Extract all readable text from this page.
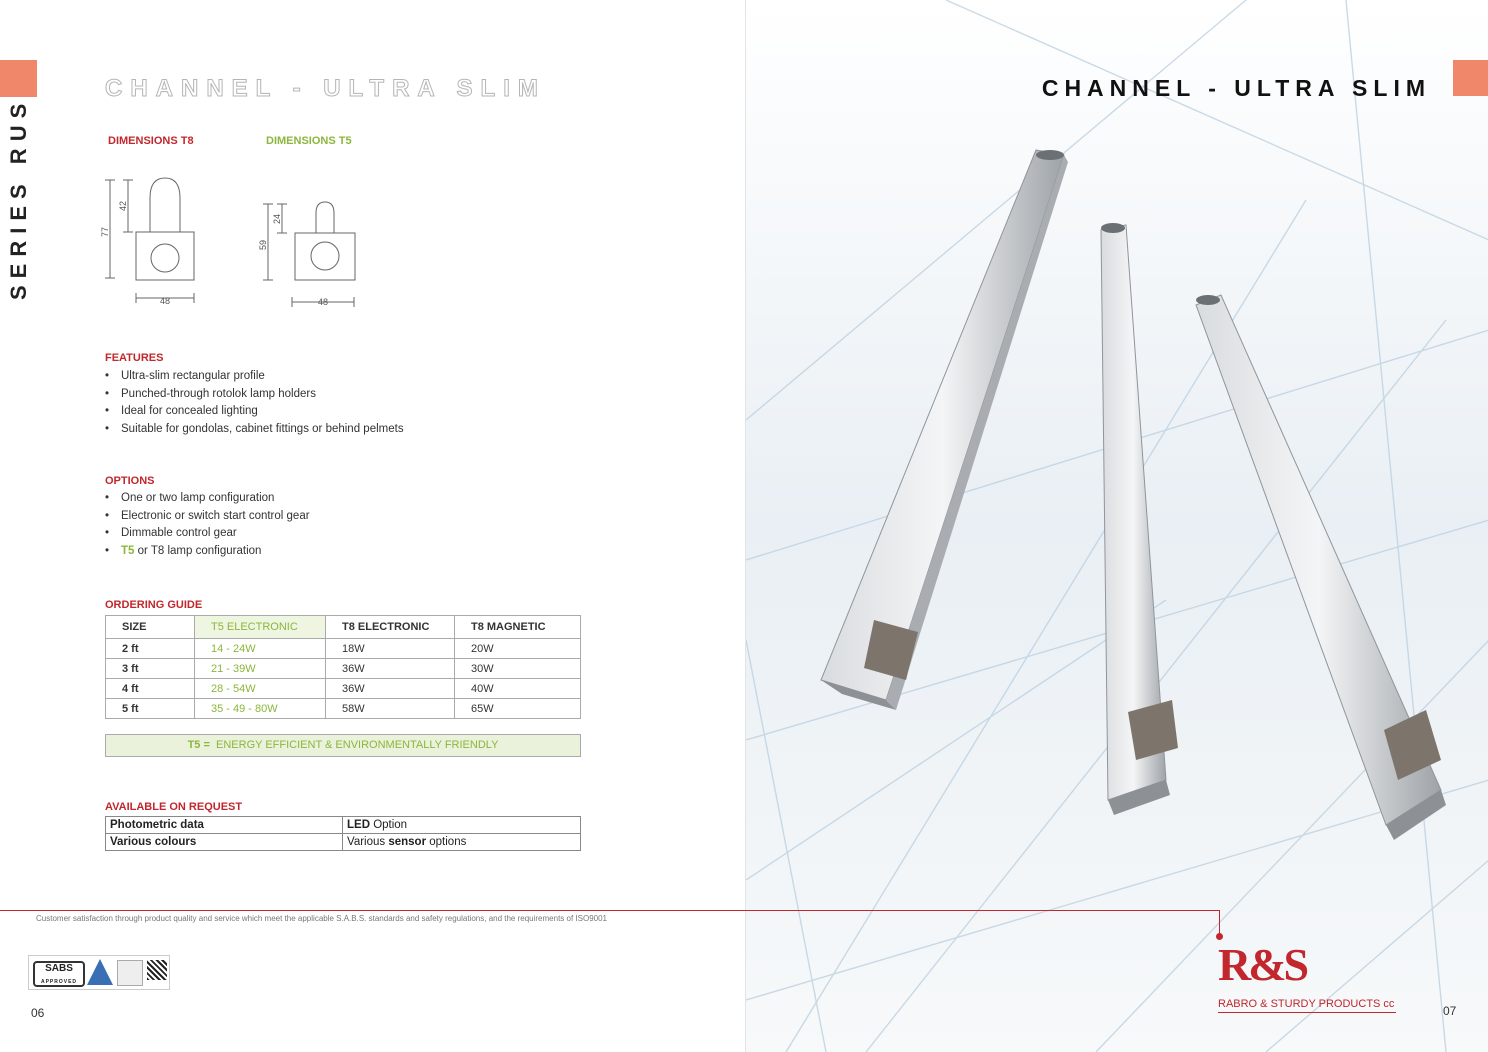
SERIES RUS
CHANNEL - ULTRA SLIM
DIMENSIONS T8	DIMENSIONS T5
77
42
48
59
24
48
FEATURES
• Ultra-slim rectangular profile
• Punched-through rotolok lamp holders
• Ideal for concealed lighting
• Suitable for gondolas, cabinet fittings or behind pelmets
OPTIONS
• One or two lamp configuration
• Electronic or switch start control gear
• Dimmable control gear
• T5 or T8 lamp configuration
ORDERING GUIDE
SIZE	T5 ELECTRONIC	T8 ELECTRONIC	T8 MAGNETIC
2 ft	14 - 24W	18W	20W
3 ft	21 - 39W	36W	30W
4 ft	28 - 54W	36W	40W
5 ft	35 - 49 - 80W	58W	65W
T5 = ENERGY EFFICIENT & ENVIRONMENTALLY FRIENDLY
AVAILABLE ON REQUEST
Photometric data	LED Option
Various colours	Various sensor options
Customer satisfaction through product quality and service which meet the applicable S.A.B.S. standards and safety regulations, and the requirements of ISO9001
SABS
APPROVED
06
CHANNEL - ULTRA SLIM
07
R&S
RABRO & STURDY PRODUCTS cc
